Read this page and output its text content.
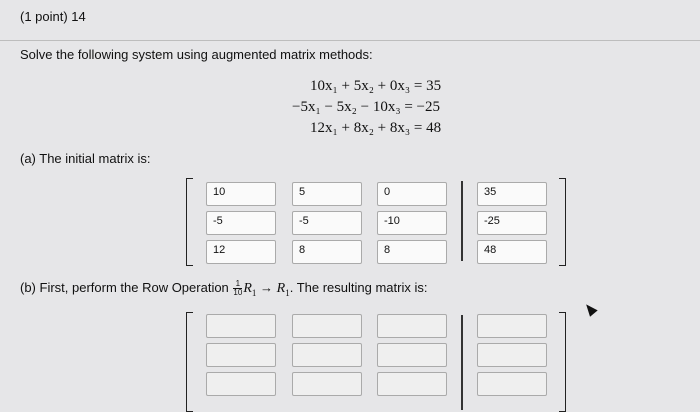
(1 point) 14
Solve the following system using augmented matrix methods:
10x₁ + 5x₂ + 0x₃ = 35
−5x₁ − 5x₂ − 10x₃ = −25
12x₁ + 8x₂ + 8x₃ = 48
(a) The initial matrix is:
10	5	0	35
-5	-5	-10	-25
12	8	8	48
(b) First, perform the Row Operation $\frac{1}{10} R_1 \to R_1$. The resulting matrix is:
